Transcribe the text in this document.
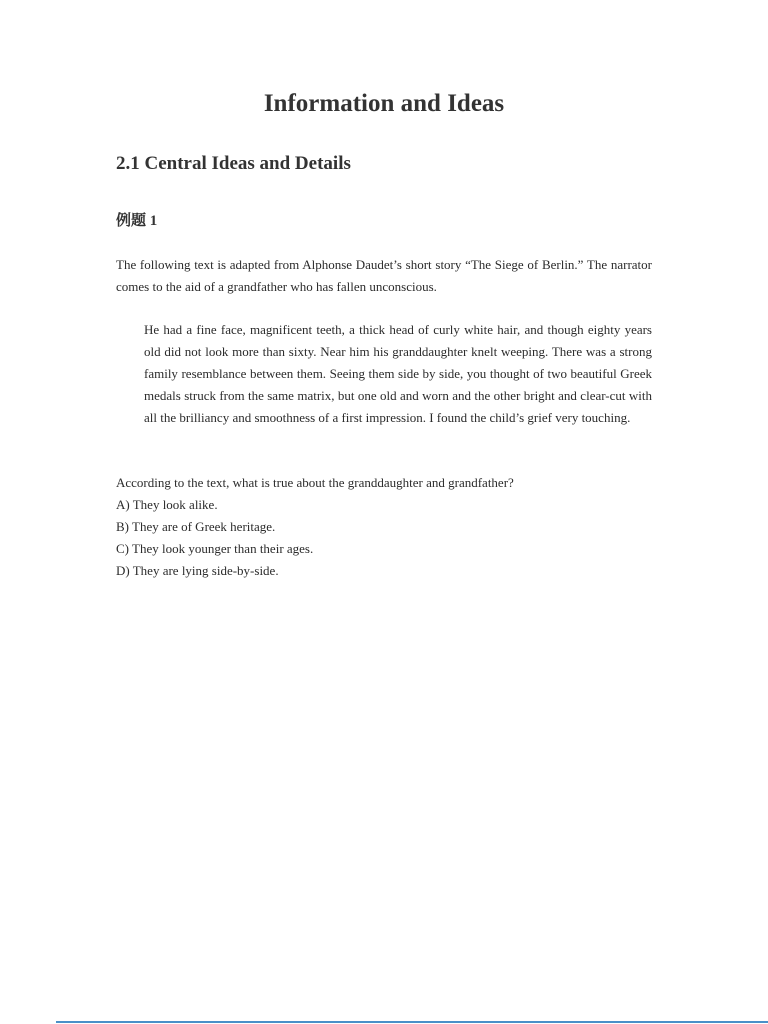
Information and Ideas
2.1 Central Ideas and Details
例题 1

The following text is adapted from Alphonse Daudet’s short story “The Siege of Berlin.” The narrator comes to the aid of a grandfather who has fallen unconscious.

He had a fine face, magnificent teeth, a thick head of curly white hair, and though eighty years old did not look more than sixty. Near him his granddaughter knelt weeping. There was a strong family resemblance between them. Seeing them side by side, you thought of two beautiful Greek medals struck from the same matrix, but one old and worn and the other bright and clear-cut with all the brilliancy and smoothness of a first impression. I found the child’s grief very touching.

According to the text, what is true about the granddaughter and grandfather?

A) They look alike.
B) They are of Greek heritage.
C) They look younger than their ages.
D) They are lying side-by-side.
